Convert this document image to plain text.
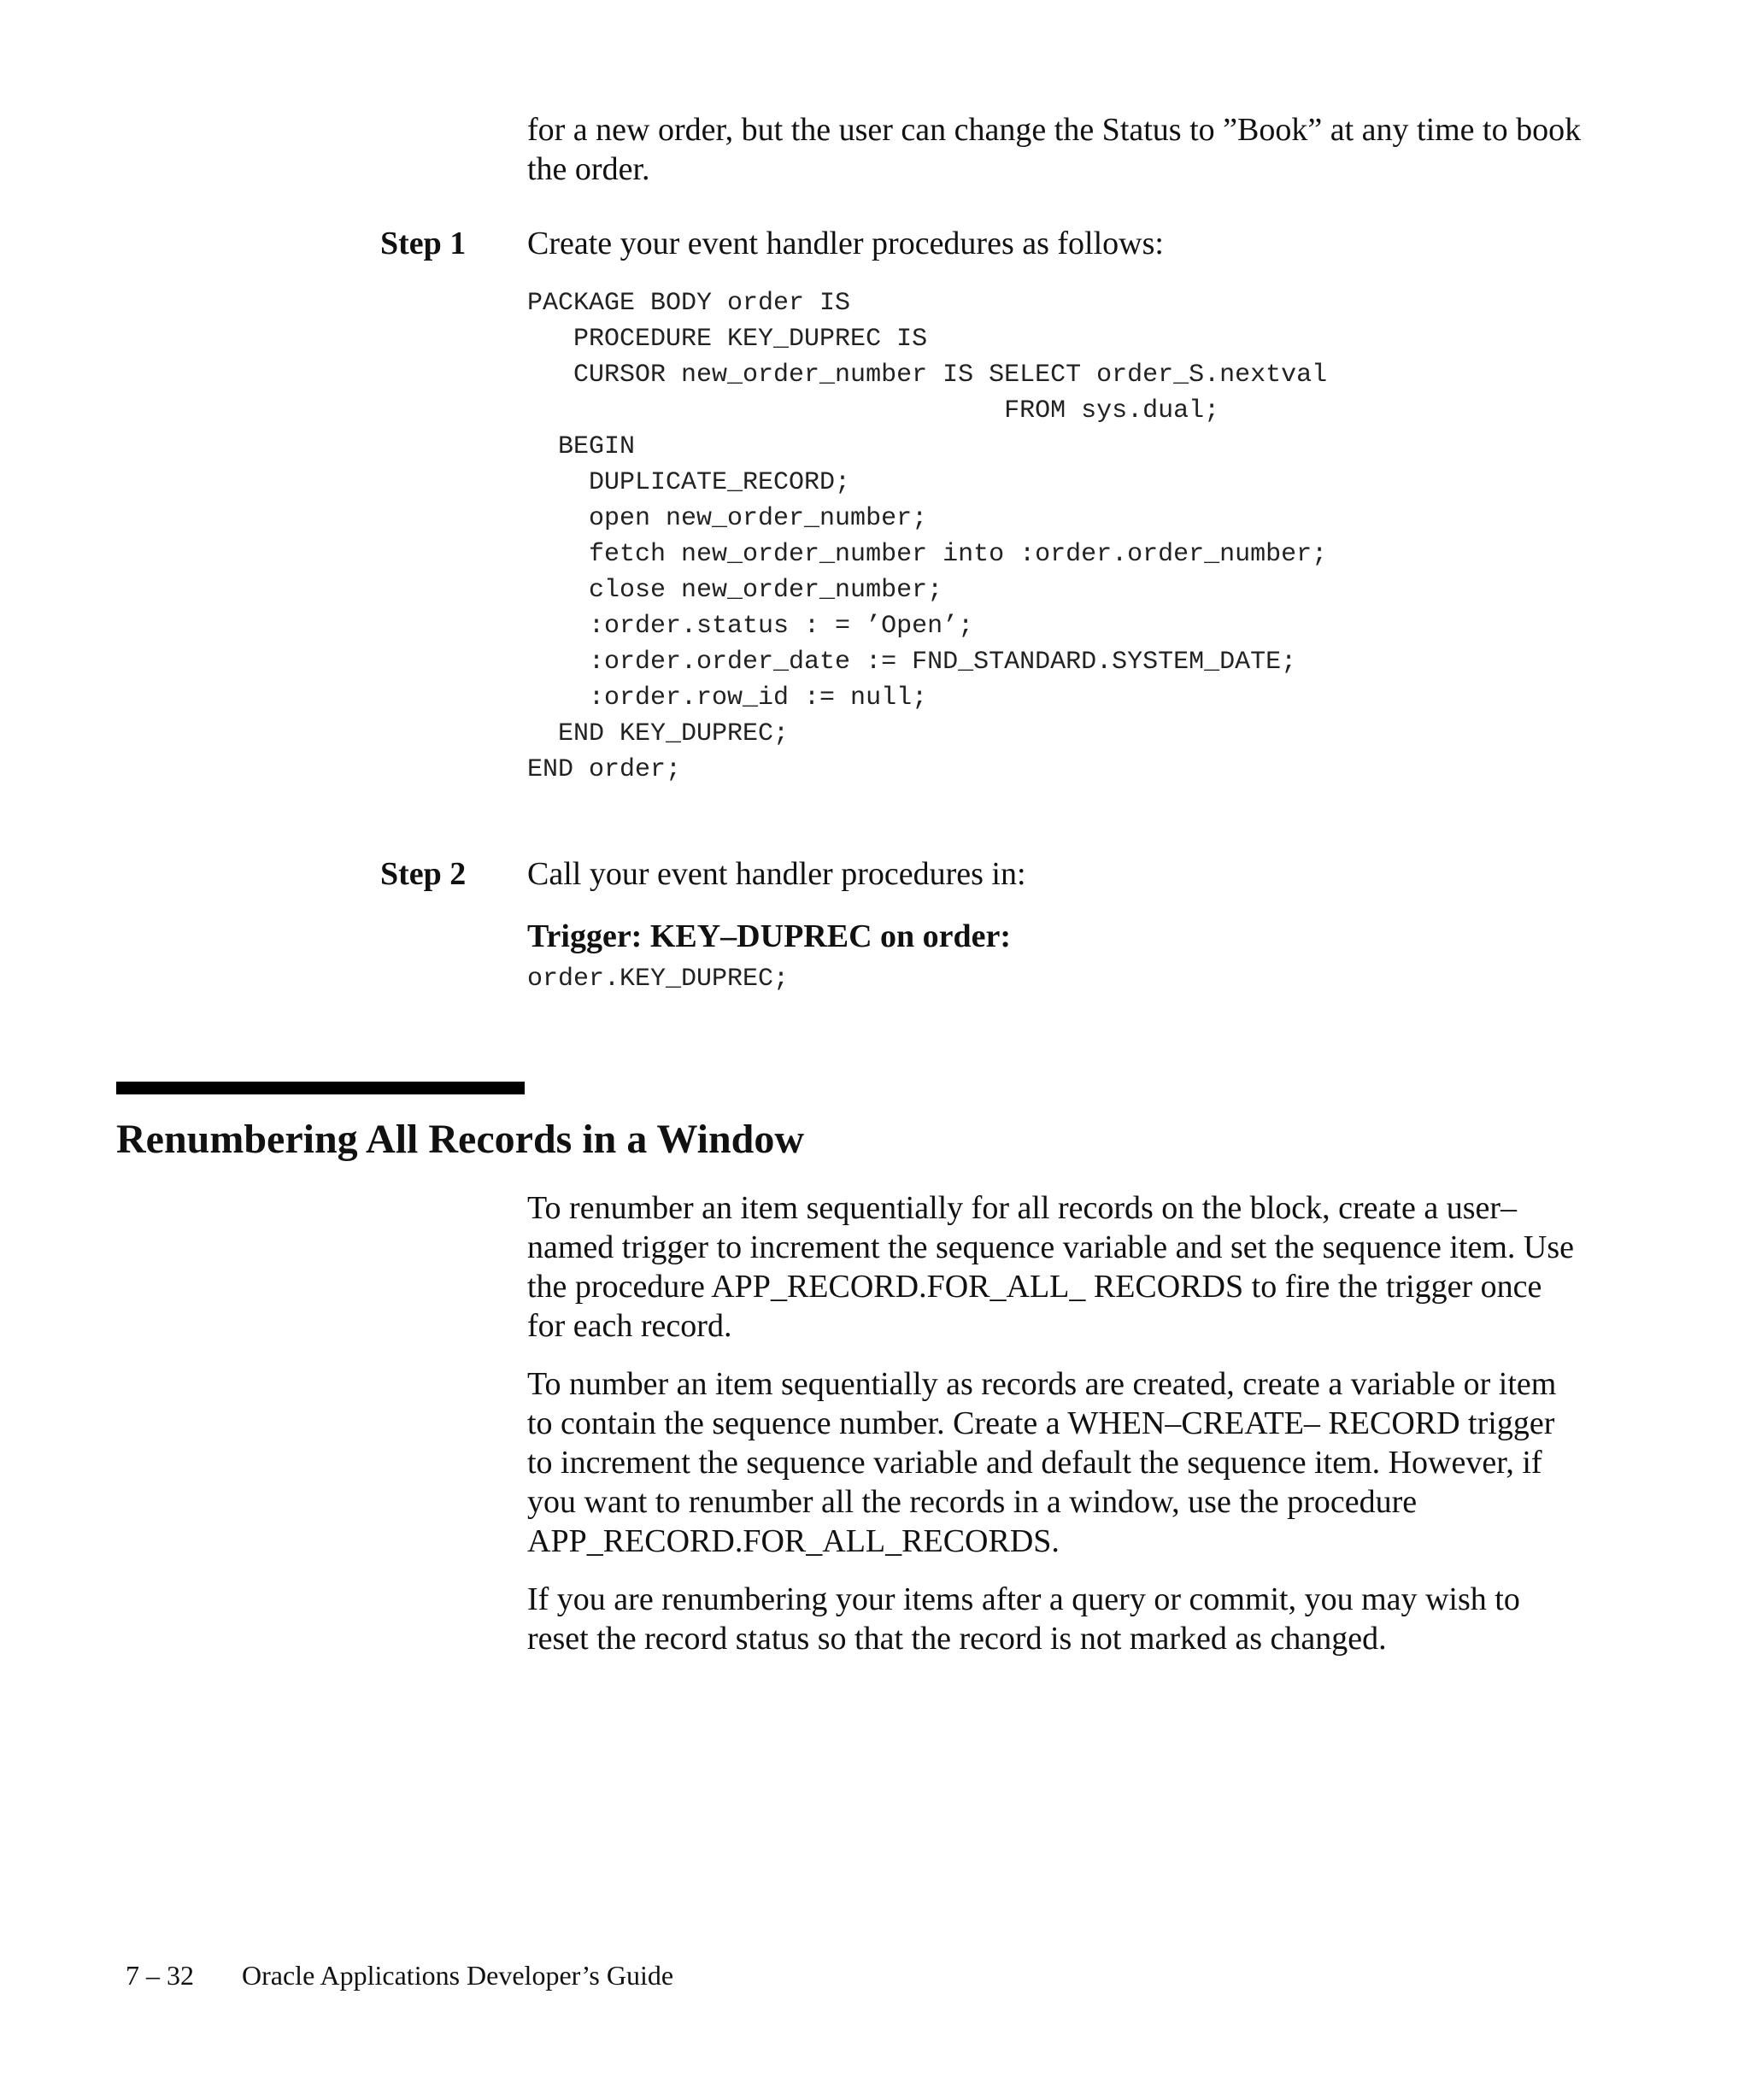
for a new order, but the user can change the Status to ”Book” at any time to book the order.

Step 1 Create your event handler procedures as follows:

PACKAGE BODY order IS
PROCEDURE KEY_DUPREC IS
CURSOR new_order_number IS SELECT order_S.nextval
FROM sys.dual;
BEGIN
DUPLICATE_RECORD;
open new_order_number;
fetch new_order_number into :order.order_number;
close new_order_number;
:order.status : = ’Open’;
:order.order_date := FND_STANDARD.SYSTEM_DATE;
:order.row_id := null;
END KEY_DUPREC;
END order;
Step 2 Call your event handler procedures in:

Trigger: KEY–DUPREC on order:

order.KEY_DUPREC;
Renumbering All Records in a Window

To renumber an item sequentially for all records on the block, create a user–named trigger to increment the sequence variable and set the sequence item. Use the procedure APP_RECORD.FOR_ALL_ RECORDS to fire the trigger once for each record.

To number an item sequentially as records are created, create a variable or item to contain the sequence number. Create a WHEN–CREATE– RECORD trigger to increment the sequence variable and default the sequence item. However, if you want to renumber all the records in a window, use the procedure APP_RECORD.FOR_ALL_RECORDS.

If you are renumbering your items after a query or commit, you may wish to reset the record status so that the record is not marked as changed.

7 – 32 Oracle Applications Developer’s Guide
